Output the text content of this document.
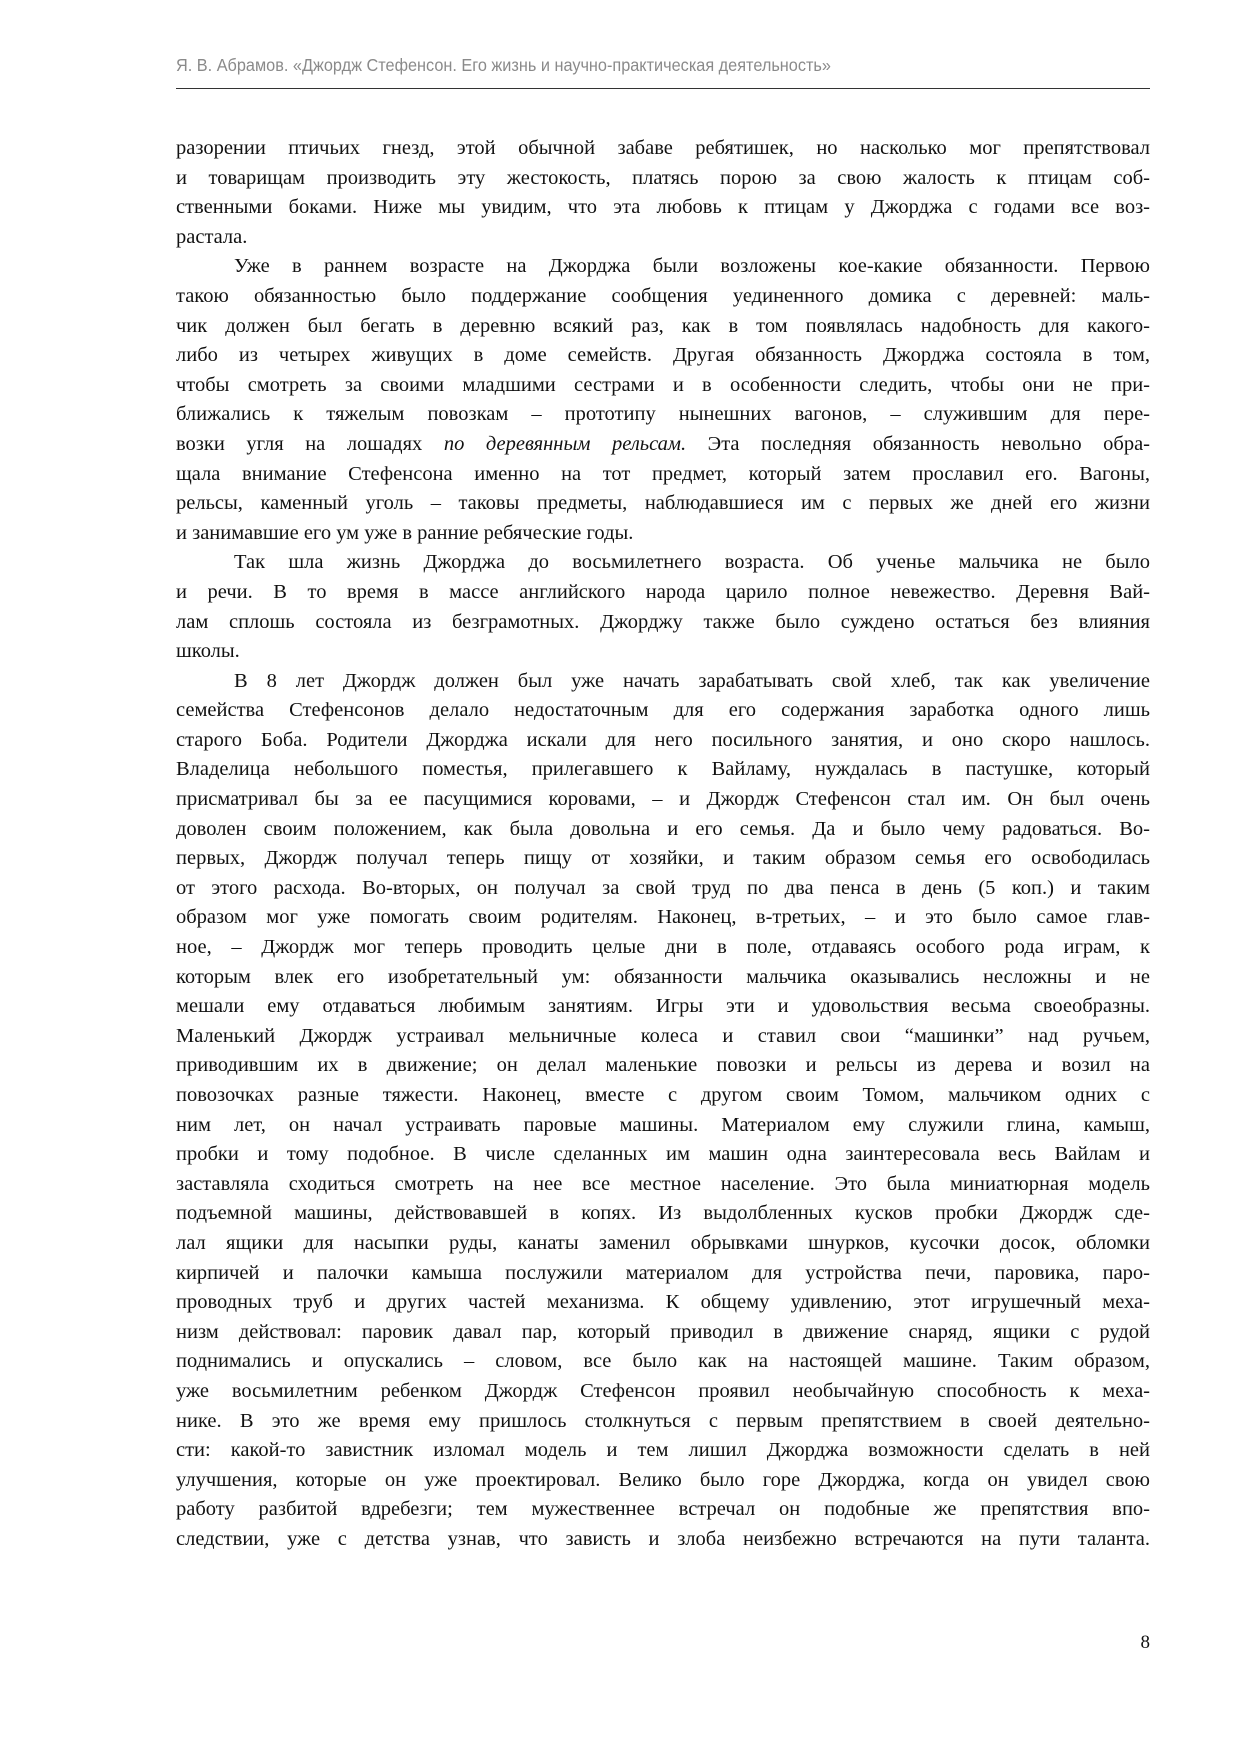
Я. В. Абрамов. «Джордж Стефенсон. Его жизнь и научно-практическая деятельность»
разорении птичьих гнезд, этой обычной забаве ребятишек, но насколько мог препятствовал
и товарищам производить эту жестокость, платясь порою за свою жалость к птицам соб-
ственными боками. Ниже мы увидим, что эта любовь к птицам у Джорджа с годами все воз-
растала.
Уже в раннем возрасте на Джорджа были возложены кое-какие обязанности. Первою
такою обязанностью было поддержание сообщения уединенного домика с деревней: маль-
чик должен был бегать в деревню всякий раз, как в том появлялась надобность для какого-
либо из четырех живущих в доме семейств. Другая обязанность Джорджа состояла в том,
чтобы смотреть за своими младшими сестрами и в особенности следить, чтобы они не при-
ближались к тяжелым повозкам – прототипу нынешних вагонов, – служившим для пере-
возки угля на лошадях по деревянным рельсам. Эта последняя обязанность невольно обра-
щала внимание Стефенсона именно на тот предмет, который затем прославил его. Вагоны,
рельсы, каменный уголь – таковы предметы, наблюдавшиеся им с первых же дней его жизни
и занимавшие его ум уже в ранние ребяческие годы.
Так шла жизнь Джорджа до восьмилетнего возраста. Об ученье мальчика не было
и речи. В то время в массе английского народа царило полное невежество. Деревня Вай-
лам сплошь состояла из безграмотных. Джорджу также было суждено остаться без влияния
школы.
В 8 лет Джордж должен был уже начать зарабатывать свой хлеб, так как увеличение
семейства Стефенсонов делало недостаточным для его содержания заработка одного лишь
старого Боба. Родители Джорджа искали для него посильного занятия, и оно скоро нашлось.
Владелица небольшого поместья, прилегавшего к Вайламу, нуждалась в пастушке, который
присматривал бы за ее пасущимися коровами, – и Джордж Стефенсон стал им. Он был очень
доволен своим положением, как была довольна и его семья. Да и было чему радоваться. Во-
первых, Джордж получал теперь пищу от хозяйки, и таким образом семья его освободилась
от этого расхода. Во-вторых, он получал за свой труд по два пенса в день (5 коп.) и таким
образом мог уже помогать своим родителям. Наконец, в-третьих, – и это было самое глав-
ное, – Джордж мог теперь проводить целые дни в поле, отдаваясь особого рода играм, к
которым влек его изобретательный ум: обязанности мальчика оказывались несложны и не
мешали ему отдаваться любимым занятиям. Игры эти и удовольствия весьма своеобразны.
Маленький Джордж устраивал мельничные колеса и ставил свои “машинки” над ручьем,
приводившим их в движение; он делал маленькие повозки и рельсы из дерева и возил на
повозочках разные тяжести. Наконец, вместе с другом своим Томом, мальчиком одних с
ним лет, он начал устраивать паровые машины. Материалом ему служили глина, камыш,
пробки и тому подобное. В числе сделанных им машин одна заинтересовала весь Вайлам и
заставляла сходиться смотреть на нее все местное население. Это была миниатюрная модель
подъемной машины, действовавшей в копях. Из выдолбленных кусков пробки Джордж сде-
лал ящики для насыпки руды, канаты заменил обрывками шнурков, кусочки досок, обломки
кирпичей и палочки камыша послужили материалом для устройства печи, паровика, паро-
проводных труб и других частей механизма. К общему удивлению, этот игрушечный меха-
низм действовал: паровик давал пар, который приводил в движение снаряд, ящики с рудой
поднимались и опускались – словом, все было как на настоящей машине. Таким образом,
уже восьмилетним ребенком Джордж Стефенсон проявил необычайную способность к меха-
нике. В это же время ему пришлось столкнуться с первым препятствием в своей деятельно-
сти: какой-то завистник изломал модель и тем лишил Джорджа возможности сделать в ней
улучшения, которые он уже проектировал. Велико было горе Джорджа, когда он увидел свою
работу разбитой вдребезги; тем мужественнее встречал он подобные же препятствия впо-
следствии, уже с детства узнав, что зависть и злоба неизбежно встречаются на пути таланта.
8
